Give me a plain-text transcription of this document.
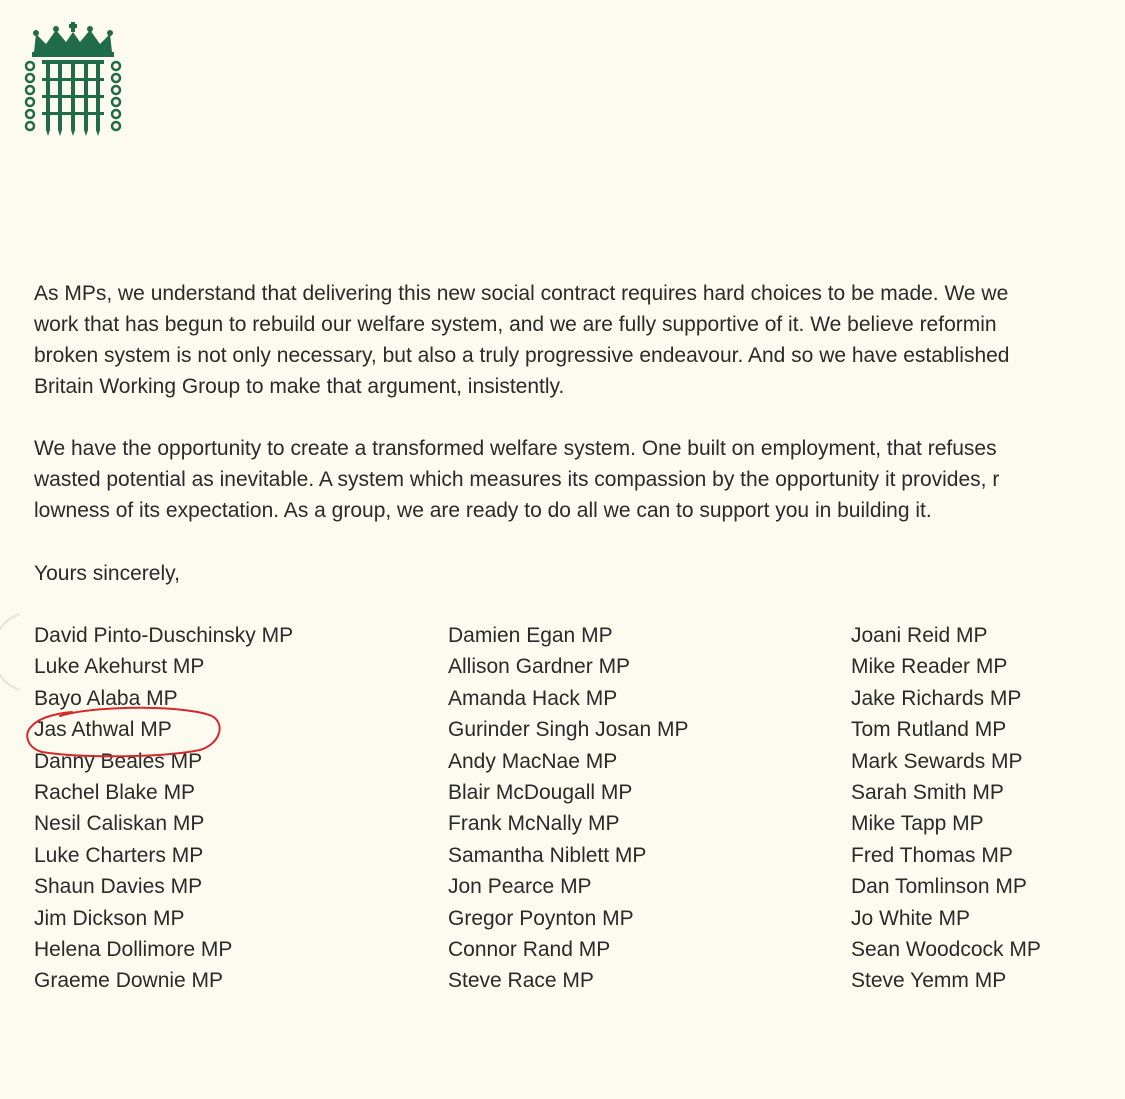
As MPs, we understand that delivering this new social contract requires hard choices to be made. We we
work that has begun to rebuild our welfare system, and we are fully supportive of it. We believe reformin
broken system is not only necessary, but also a truly progressive endeavour. And so we have established
Britain Working Group to make that argument, insistently.

We have the opportunity to create a transformed welfare system. One built on employment, that refuses
wasted potential as inevitable. A system which measures its compassion by the opportunity it provides, r
lowness of its expectation. As a group, we are ready to do all we can to support you in building it.

Yours sincerely,
David Pinto-Duschinsky MP
Luke Akehurst MP
Bayo Alaba MP
Jas Athwal MP
Danny Beales MP
Rachel Blake MP
Nesil Caliskan MP
Luke Charters MP
Shaun Davies MP
Jim Dickson MP
Helena Dollimore MP
Graeme Downie MP
Damien Egan MP
Allison Gardner MP
Amanda Hack MP
Gurinder Singh Josan MP
Andy MacNae MP
Blair McDougall MP
Frank McNally MP
Samantha Niblett MP
Jon Pearce MP
Gregor Poynton MP
Connor Rand MP
Steve Race MP
Joani Reid MP
Mike Reader MP
Jake Richards MP
Tom Rutland MP
Mark Sewards MP
Sarah Smith MP
Mike Tapp MP
Fred Thomas MP
Dan Tomlinson MP
Jo White MP
Sean Woodcock MP
Steve Yemm MP
